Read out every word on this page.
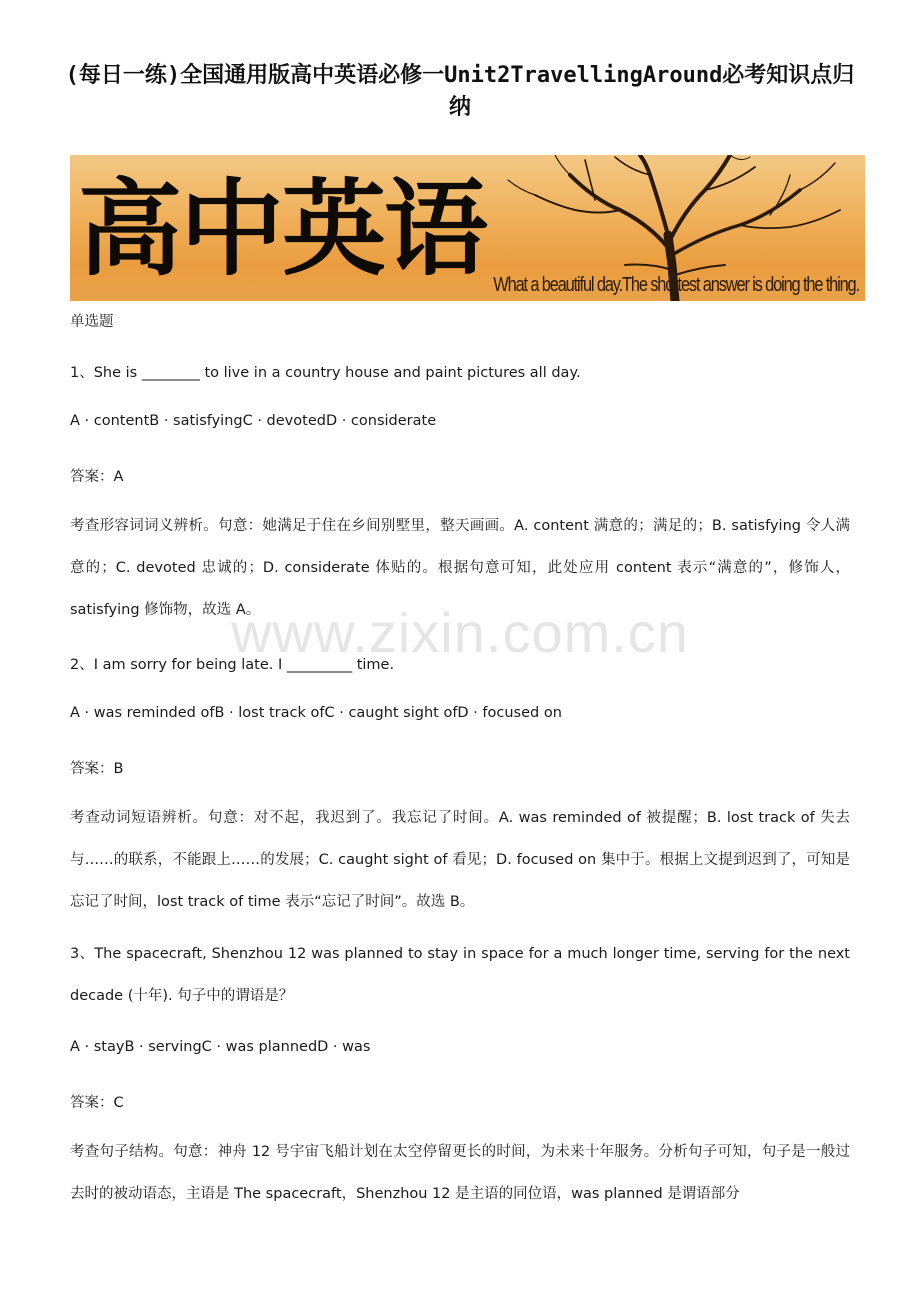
(每日一练)全国通用版高中英语必修一Unit2TravellingAround必考知识点归纳
高中英语 What a beautiful day.The shortest answer is doing the thing.
单选题
1、She is ________ to live in a country house and paint pictures all day.
A · contentB · satisfyingC · devotedD · considerate
答案：A
考查形容词词义辨析。句意：她满足于住在乡间别墅里，整天画画。A. content 满意的；满足的；B. satisfying 令人满意的；C. devoted 忠诚的；D. considerate 体贴的。根据句意可知，此处应用 content 表示“满意的”，修饰人，satisfying 修饰物，故选 A。
2、I am sorry for being late. I _________ time.
A · was reminded ofB · lost track ofC · caught sight ofD · focused on
答案：B
考查动词短语辨析。句意：对不起，我迟到了。我忘记了时间。A. was reminded of 被提醒；B. lost track of 失去与……的联系，不能跟上……的发展；C. caught sight of 看见；D. focused on 集中于。根据上文提到迟到了，可知是忘记了时间，lost track of time 表示“忘记了时间”。故选 B。
3、The spacecraft, Shenzhou 12 was planned to stay in space for a much longer time, serving for the next decade (十年). 句子中的谓语是？
A · stayB · servingC · was plannedD · was
答案：C
考查句子结构。句意：神舟 12 号宇宙飞船计划在太空停留更长的时间，为未来十年服务。分析句子可知，句子是一般过去时的被动语态，主语是 The spacecraft，Shenzhou 12 是主语的同位语，was planned 是谓语部分
www.zixin.com.cn
